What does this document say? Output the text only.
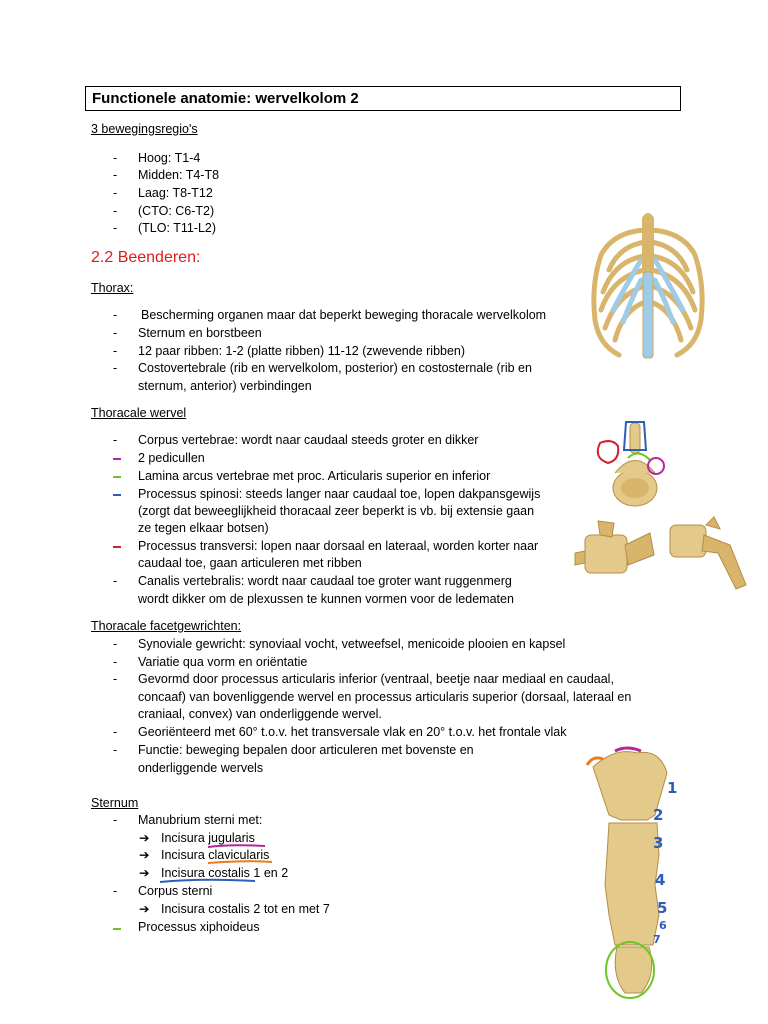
Functionele anatomie: wervelkolom 2
3 bewegingsregio's
- Hoog: T1-4
- Midden: T4-T8
- Laag: T8-T12
- (CTO: C6-T2)
- (TLO: T11-L2)
2.2 Beenderen:
Thorax:
- Bescherming organen maar dat beperkt beweging thoracale wervelkolom
- Sternum en borstbeen
- 12 paar ribben: 1-2 (platte ribben) 11-12 (zwevende ribben)
- Costovertebrale (rib en wervelkolom, posterior) en costosternale (rib en
sternum, anterior) verbindingen
Thoracale wervel
- Corpus vertebrae: wordt naar caudaal steeds groter en dikker
2 pedicullen
Lamina arcus vertebrae met proc. Articularis superior en inferior
Processus spinosi: steeds langer naar caudaal toe, lopen dakpansgewijs
(zorgt dat beweeglijkheid thoracaal zeer beperkt is vb. bij extensie gaan
ze tegen elkaar botsen)
Processus transversi: lopen naar dorsaal en lateraal, worden korter naar
caudaal toe, gaan articuleren met ribben
- Canalis vertebralis: wordt naar caudaal toe groter want ruggenmerg
wordt dikker om de plexussen te kunnen vormen voor de ledematen
Thoracale facetgewrichten:
- Synoviale gewricht: synoviaal vocht, vetweefsel, menicoide plooien en kapsel
- Variatie qua vorm en oriëntatie
- Gevormd door processus articularis inferior (ventraal, beetje naar mediaal en caudaal,
concaaf) van bovenliggende wervel en processus articularis superior (dorsaal, lateraal en
craniaal, convex) van onderliggende wervel.
- Georiënteerd met 60° t.o.v. het transversale vlak en 20° t.o.v. het frontale vlak
- Functie: beweging bepalen door articuleren met bovenste en
onderliggende wervels
Sternum
- Manubrium sterni met:
➔ Incisura jugularis
➔ Incisura clavicularis
➔ Incisura costalis 1 en 2
- Corpus sterni
➔ Incisura costalis 2 tot en met 7
Processus xiphoideus
1
2
3
4
5
6
7
